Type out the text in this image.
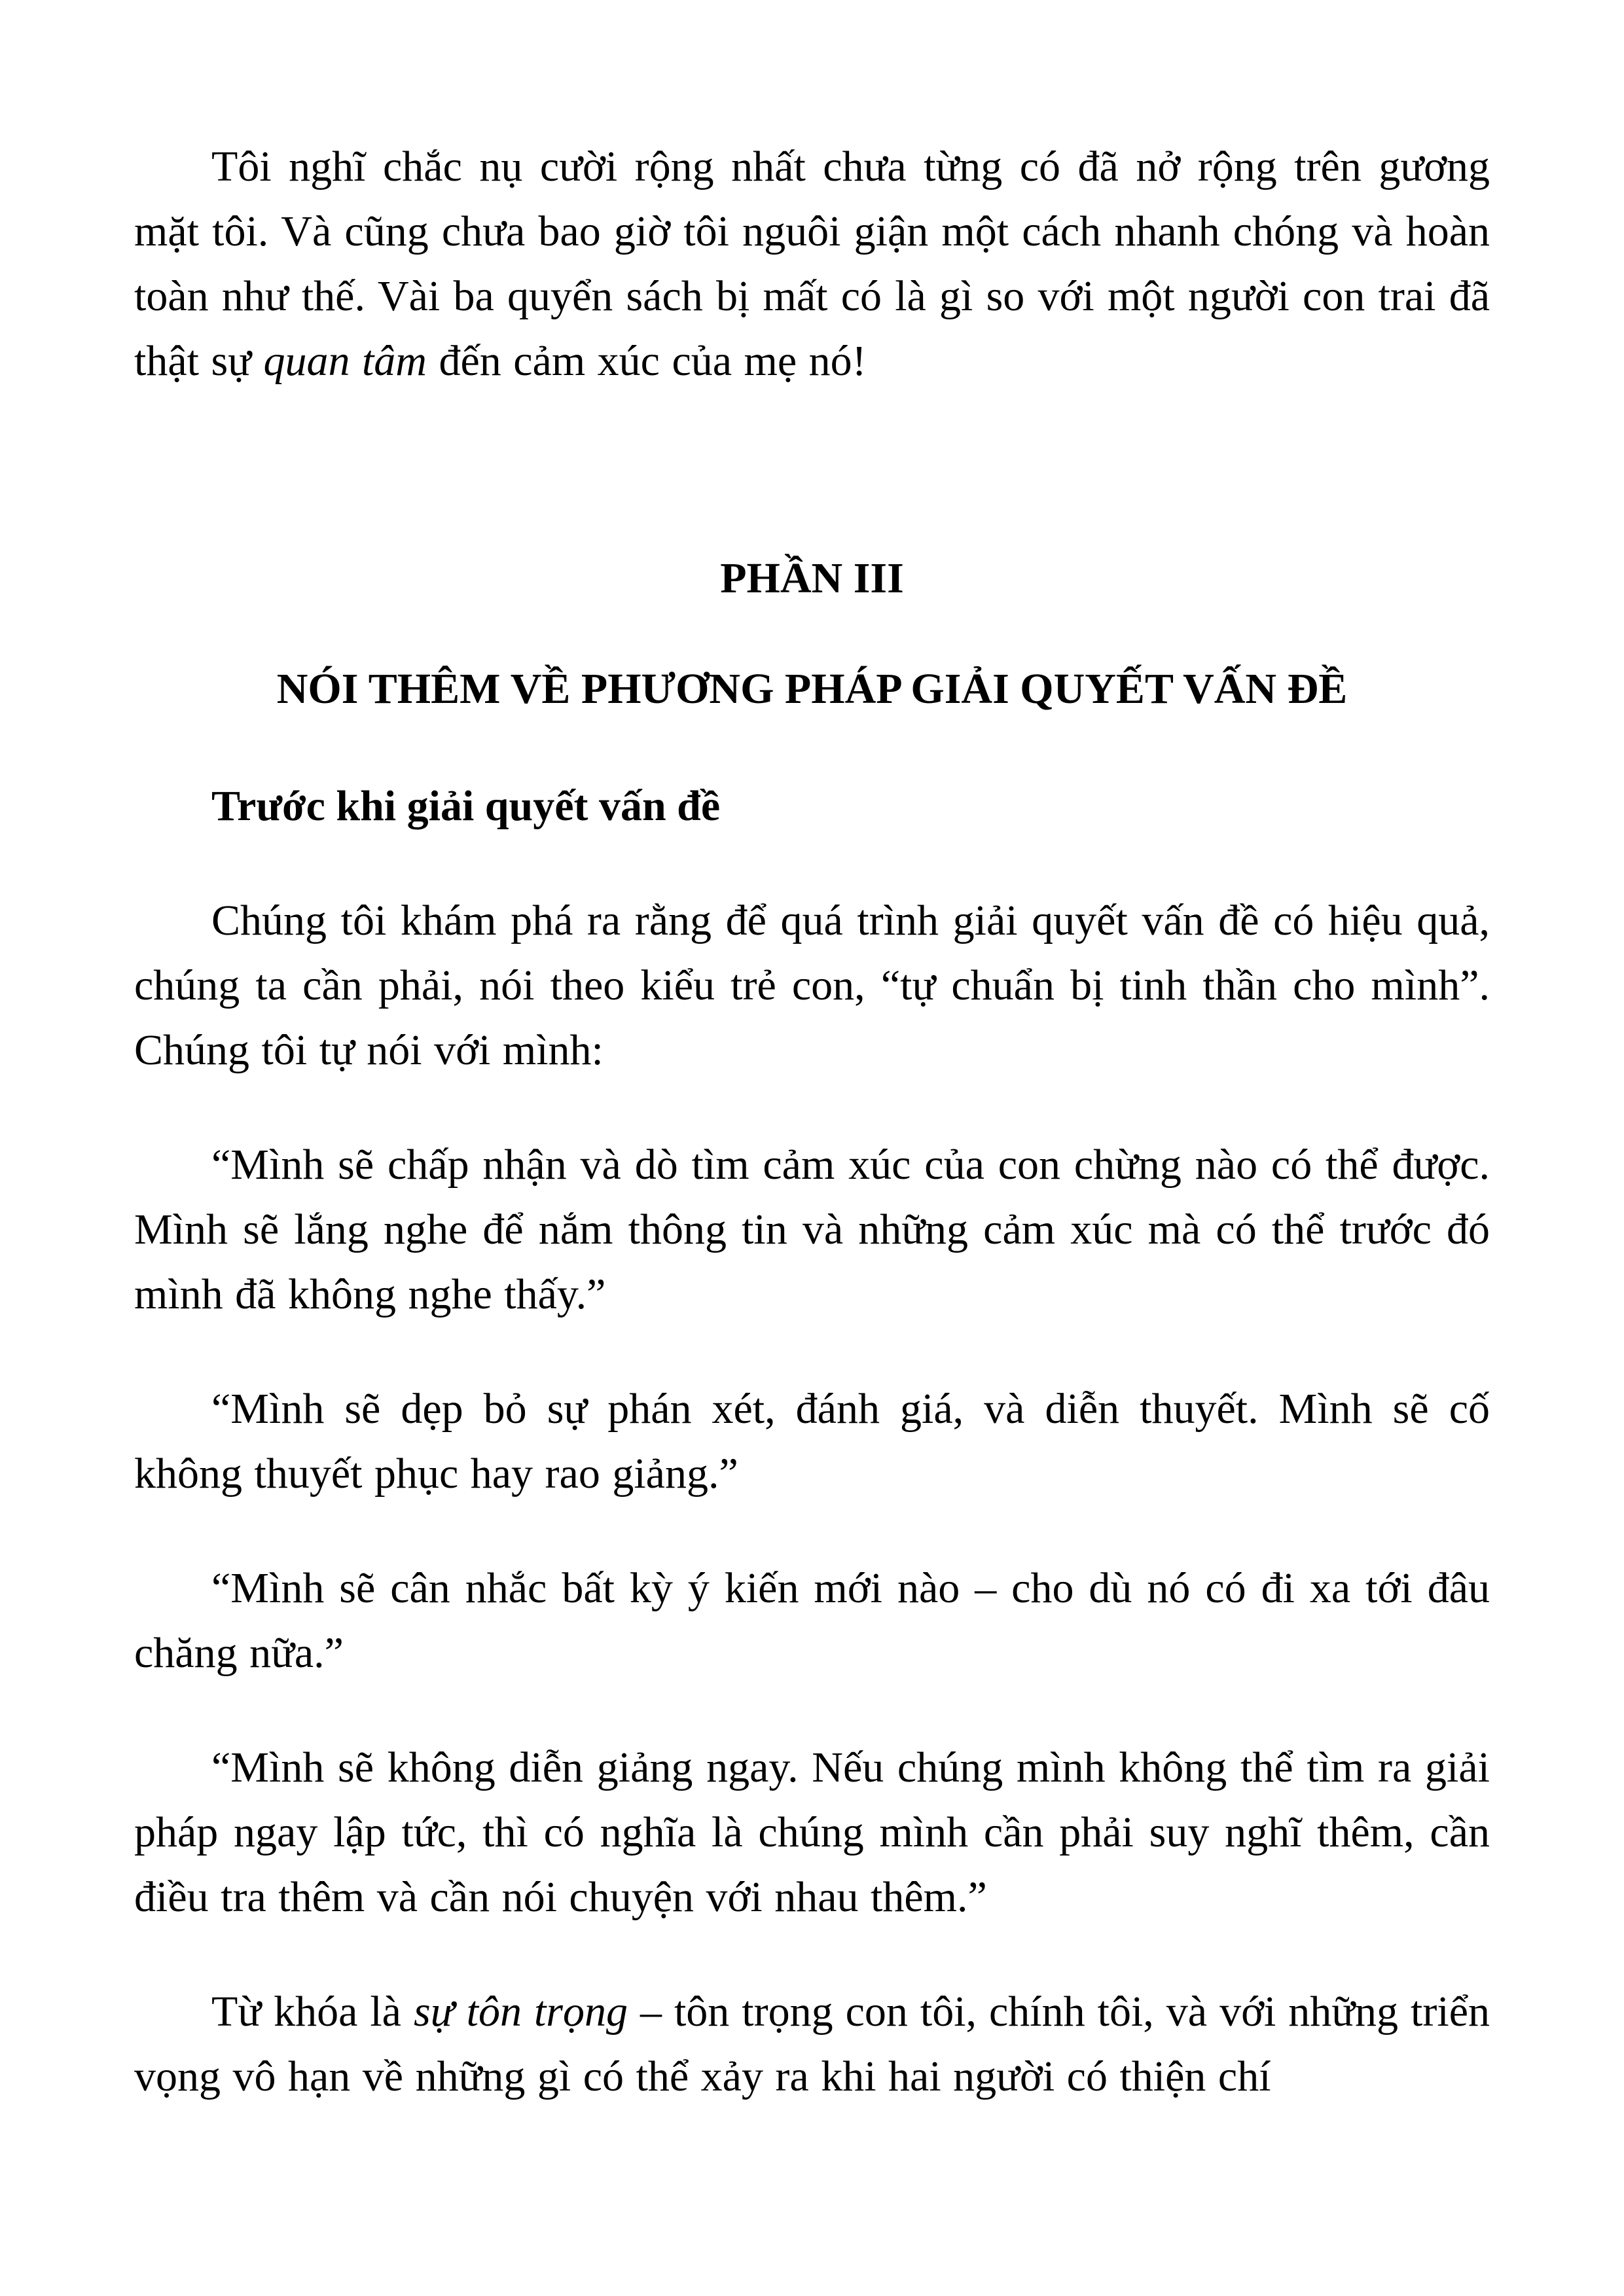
Tôi nghĩ chắc nụ cười rộng nhất chưa từng có đã nở rộng trên gương mặt tôi. Và cũng chưa bao giờ tôi nguôi giận một cách nhanh chóng và hoàn toàn như thế. Vài ba quyển sách bị mất có là gì so với một người con trai đã thật sự quan tâm đến cảm xúc của mẹ nó!

PHẦN III
NÓI THÊM VỀ PHƯƠNG PHÁP GIẢI QUYẾT VẤN ĐỀ
Trước khi giải quyết vấn đề

Chúng tôi khám phá ra rằng để quá trình giải quyết vấn đề có hiệu quả, chúng ta cần phải, nói theo kiểu trẻ con, “tự chuẩn bị tinh thần cho mình”. Chúng tôi tự nói với mình:

“Mình sẽ chấp nhận và dò tìm cảm xúc của con chừng nào có thể được. Mình sẽ lắng nghe để nắm thông tin và những cảm xúc mà có thể trước đó mình đã không nghe thấy.”

“Mình sẽ dẹp bỏ sự phán xét, đánh giá, và diễn thuyết. Mình sẽ cố không thuyết phục hay rao giảng.”

“Mình sẽ cân nhắc bất kỳ ý kiến mới nào – cho dù nó có đi xa tới đâu chăng nữa.”

“Mình sẽ không diễn giảng ngay. Nếu chúng mình không thể tìm ra giải pháp ngay lập tức, thì có nghĩa là chúng mình cần phải suy nghĩ thêm, cần điều tra thêm và cần nói chuyện với nhau thêm.”

Từ khóa là sự tôn trọng – tôn trọng con tôi, chính tôi, và với những triển vọng vô hạn về những gì có thể xảy ra khi hai người có thiện chí
